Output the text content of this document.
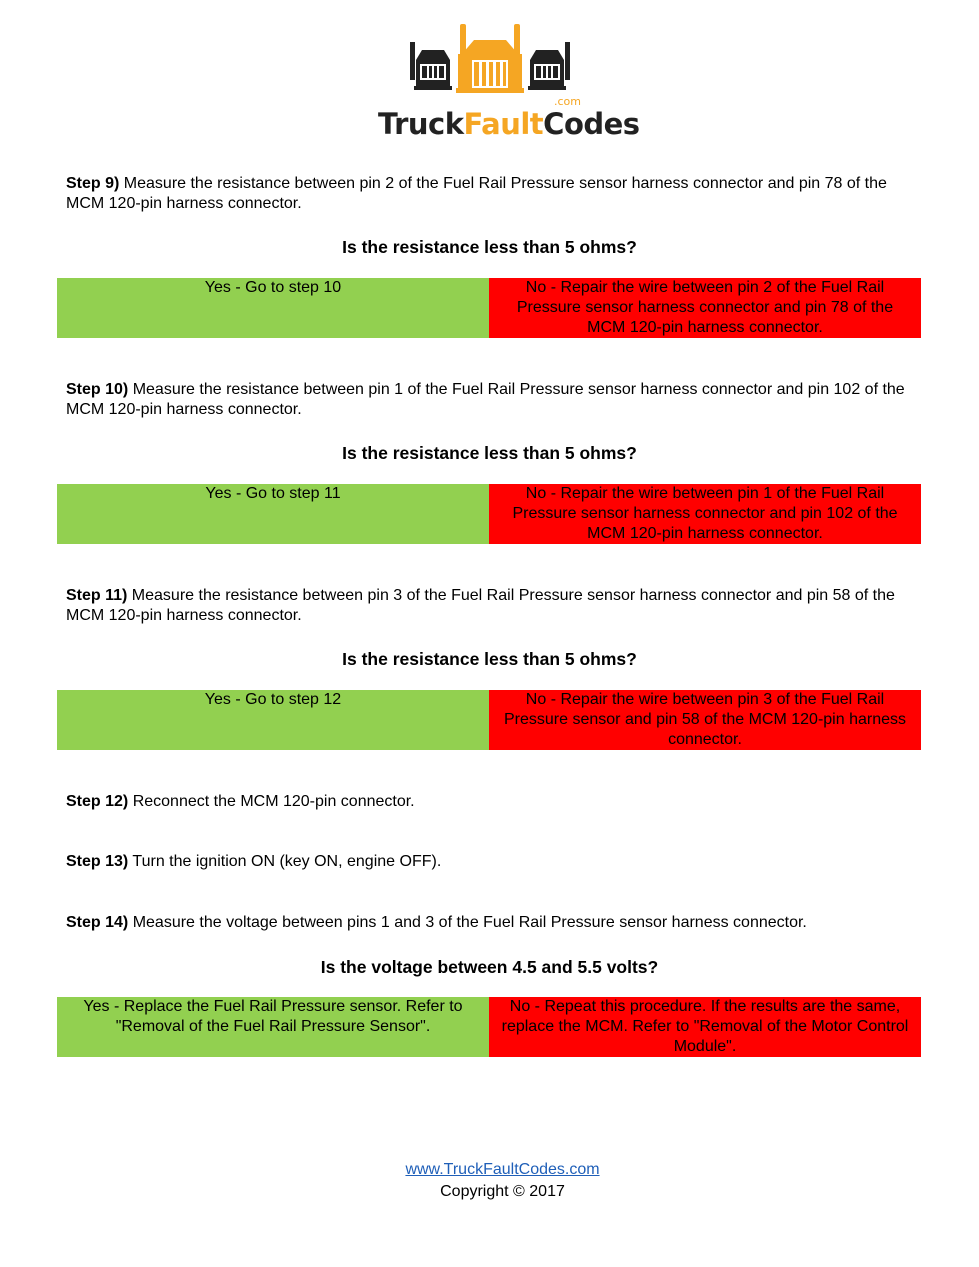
.com
TruckFaultCodes
Step 9) Measure the resistance between pin 2 of the Fuel Rail Pressure sensor harness connector and pin 78 of the MCM 120-pin harness connector.
Is the resistance less than 5 ohms?
Yes - Go to step 10	No - Repair the wire between pin 2 of the Fuel Rail Pressure sensor harness connector and pin 78 of the MCM 120-pin harness connector.
Step 10) Measure the resistance between pin 1 of the Fuel Rail Pressure sensor harness connector and pin 102 of the MCM 120-pin harness connector.
Is the resistance less than 5 ohms?
Yes - Go to step 11	No - Repair the wire between pin 1 of the Fuel Rail Pressure sensor harness connector and pin 102 of the MCM 120-pin harness connector.
Step 11) Measure the resistance between pin 3 of the Fuel Rail Pressure sensor harness connector and pin 58 of the MCM 120-pin harness connector.
Is the resistance less than 5 ohms?
Yes - Go to step 12	No - Repair the wire between pin 3 of the Fuel Rail Pressure sensor and pin 58 of the MCM 120-pin harness connector.
Step 12) Reconnect the MCM 120-pin connector.
Step 13) Turn the ignition ON (key ON, engine OFF).
Step 14) Measure the voltage between pins 1 and 3 of the Fuel Rail Pressure sensor harness connector.
Is the voltage between 4.5 and 5.5 volts?
Yes - Replace the Fuel Rail Pressure sensor. Refer to "Removal of the Fuel Rail Pressure Sensor".
No - Repeat this procedure. If the results are the same, replace the MCM. Refer to "Removal of the Motor Control Module".
www.TruckFaultCodes.com
Copyright © 2017
